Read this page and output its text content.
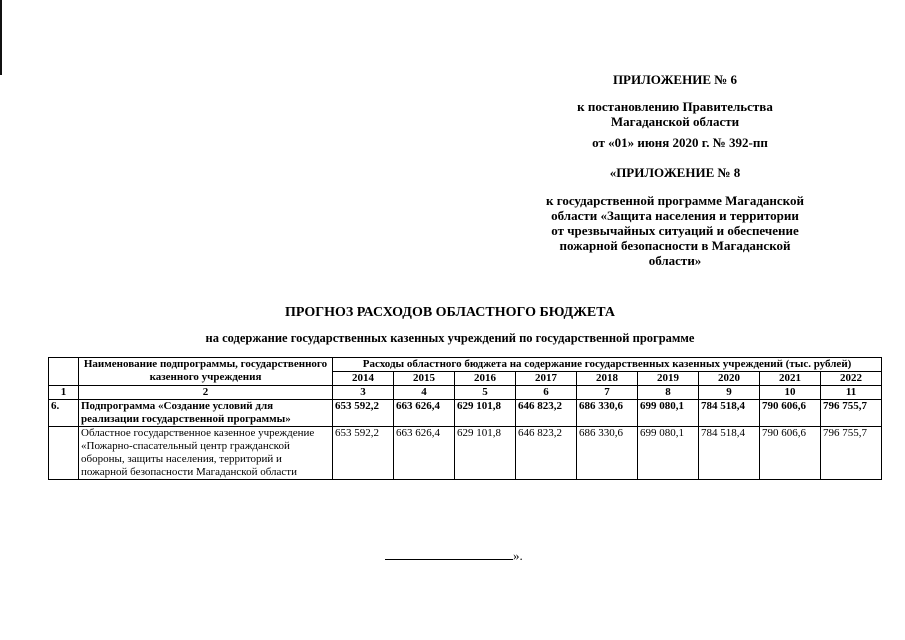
ПРИЛОЖЕНИЕ № 6
к постановлению Правительства
Магаданской области
от «01» июня 2020 г. № 392-пп
«ПРИЛОЖЕНИЕ № 8
к государственной программе Магаданской
области «Защита населения и территории
от чрезвычайных ситуаций и обеспечение
пожарной безопасности в Магаданской
области»
ПРОГНОЗ РАСХОДОВ ОБЛАСТНОГО БЮДЖЕТА
на содержание государственных казенных учреждений по государственной программе
	Наименование подпрограммы, государственного казенного учреждения	Расходы областного бюджета на содержание государственных казенных учреждений (тыс. рублей)								
		2014	2015	2016	2017	2018	2019	2020	2021	2022
1	2	3	4	5	6	7	8	9	10	11
6.	Подпрограмма «Создание условий для реализации государственной программы»	653 592,2	663 626,4	629 101,8	646 823,2	686 330,6	699 080,1	784 518,4	790 606,6	796 755,7
	Областное государственное казенное учреждение «Пожарно-спасательный центр гражданской обороны, защиты населения, территорий и пожарной безопасности Магаданской области	653 592,2	663 626,4	629 101,8	646 823,2	686 330,6	699 080,1	784 518,4	790 606,6	796 755,7
».
